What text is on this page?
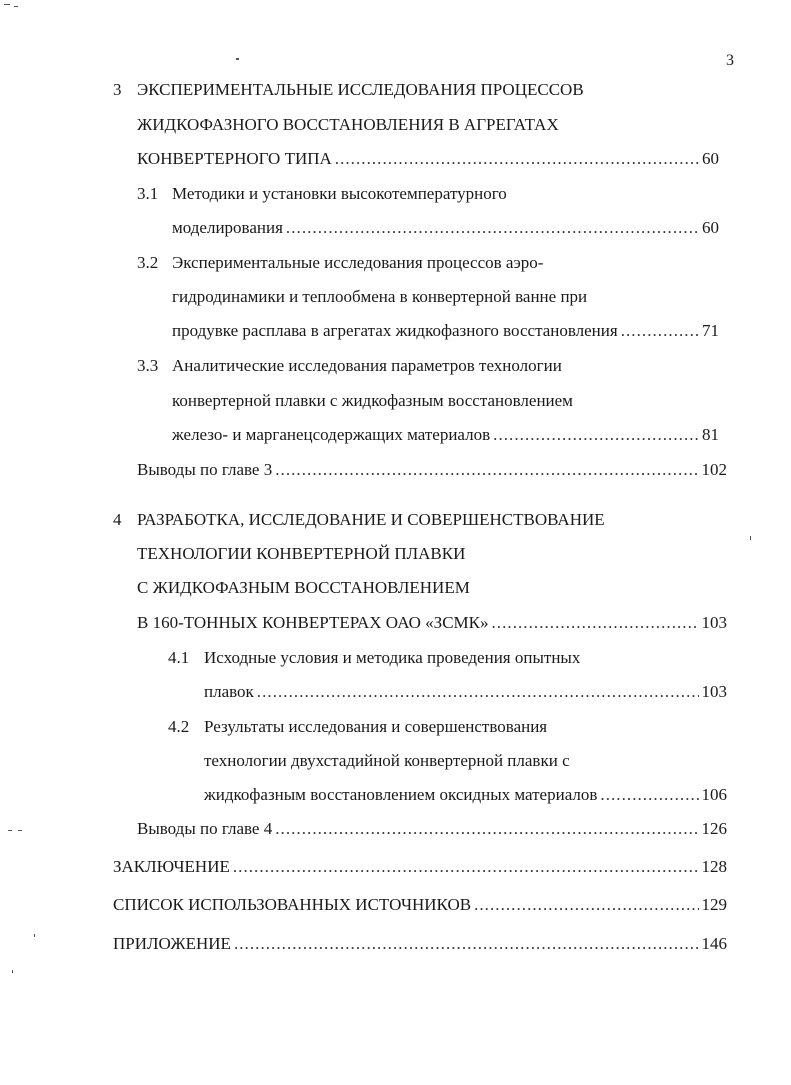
3
3 ЭКСПЕРИМЕНТАЛЬНЫЕ ИССЛЕДОВАНИЯ ПРОЦЕССОВ
ЖИДКОФАЗНОГО ВОССТАНОВЛЕНИЯ В АГРЕГАТАХ
КОНВЕРТЕРНОГО ТИПА . . .	60
3.1 Методики и установки высокотемпературного
моделирования . . .	60
3.2 Экспериментальные исследования процессов аэро-
гидродинамики и теплообмена в конвертерной ванне при
продувке расплава в агрегатах жидкофазного восстановления . . .	71
3.3 Аналитические исследования параметров технологии
конвертерной плавки с жидкофазным восстановлением
железо- и марганецсодержащих материалов . . .	81
Выводы по главе 3 . . .	102
4 РАЗРАБОТКА, ИССЛЕДОВАНИЕ И СОВЕРШЕНСТВОВАНИЕ
ТЕХНОЛОГИИ КОНВЕРТЕРНОЙ ПЛАВКИ
С ЖИДКОФАЗНЫМ ВОССТАНОВЛЕНИЕМ
В 160-ТОННЫХ КОНВЕРТЕРАХ ОАО «ЗСМК» . . .	103
4.1 Исходные условия и методика проведения опытных
плавок . . .	103
4.2 Результаты исследования и совершенствования
технологии двухстадийной конвертерной плавки с
жидкофазным восстановлением оксидных материалов . . .	106
Выводы по главе 4 . . .	126
ЗАКЛЮЧЕНИЕ . . .	128
СПИСОК ИСПОЛЬЗОВАННЫХ ИСТОЧНИКОВ . . .	129
ПРИЛОЖЕНИЕ . . .	146
